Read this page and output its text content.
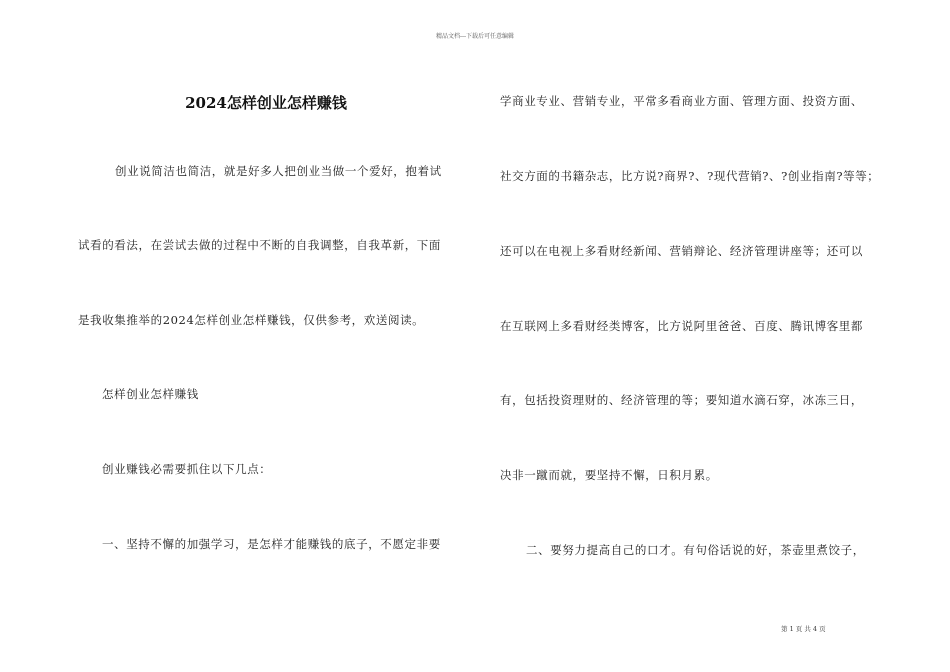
精品文档---下载后可任意编辑
2024怎样创业怎样赚钱
创业说简洁也简洁，就是好多人把创业当做一个爱好，抱着试
试看的看法，在尝试去做的过程中不断的自我调整，自我革新，下面
是我收集推举的2024怎样创业怎样赚钱，仅供参考，欢送阅读。
怎样创业怎样赚钱
创业赚钱必需要抓住以下几点：
一、坚持不懈的加强学习，是怎样才能赚钱的底子，不愿定非要
学商业专业、营销专业，平常多看商业方面、管理方面、投资方面、
社交方面的书籍杂志，比方说?商界?、?现代营销?、?创业指南?等等；
还可以在电视上多看财经新闻、营销辩论、经济管理讲座等；还可以
在互联网上多看财经类博客，比方说阿里爸爸、百度、腾讯博客里都
有，包括投资理财的、经济管理的等；要知道水滴石穿，冰冻三日，
决非一蹴而就，要坚持不懈，日积月累。
二、要努力提高自己的口才。有句俗话说的好，茶壶里煮饺子，
第 1 页 共 4 页
